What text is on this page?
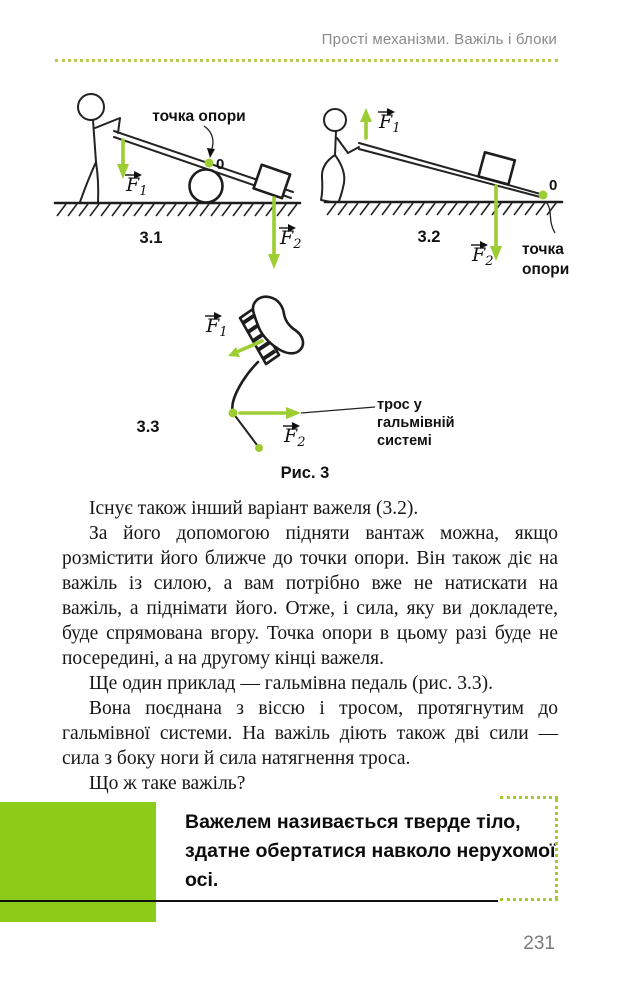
Прості механізми. Важіль і блоки
0
точка опори
$F_1$
$F_2$
3.1
0
$F_1$
$F_2$
3.2
$F_1$
$F_2$
3.3
точка опори
трос у гальмівній системі
Рис. 3

Існує також інший варіант важеля (3.2).

За його допомогою підняти вантаж можна, якщо розмістити його ближче до точки опори. Він також діє на важіль із силою, а вам потрібно вже не натискати на важіль, а піднімати його. Отже, і сила, яку ви докладете, буде спрямована вгору. Точка опори в цьому разі буде не посередині, а на другому кінці важеля.

Ще один приклад — гальмівна педаль (рис. 3.3).

Вона поєднана з віссю і тросом, протягнутим до гальмівної системи. На важіль діють також дві сили — сила з боку ноги й сила натягнення троса.

Що ж таке важіль?

Важелем називається тверде тіло, здатне обертатися навколо нерухомої осі.
231
